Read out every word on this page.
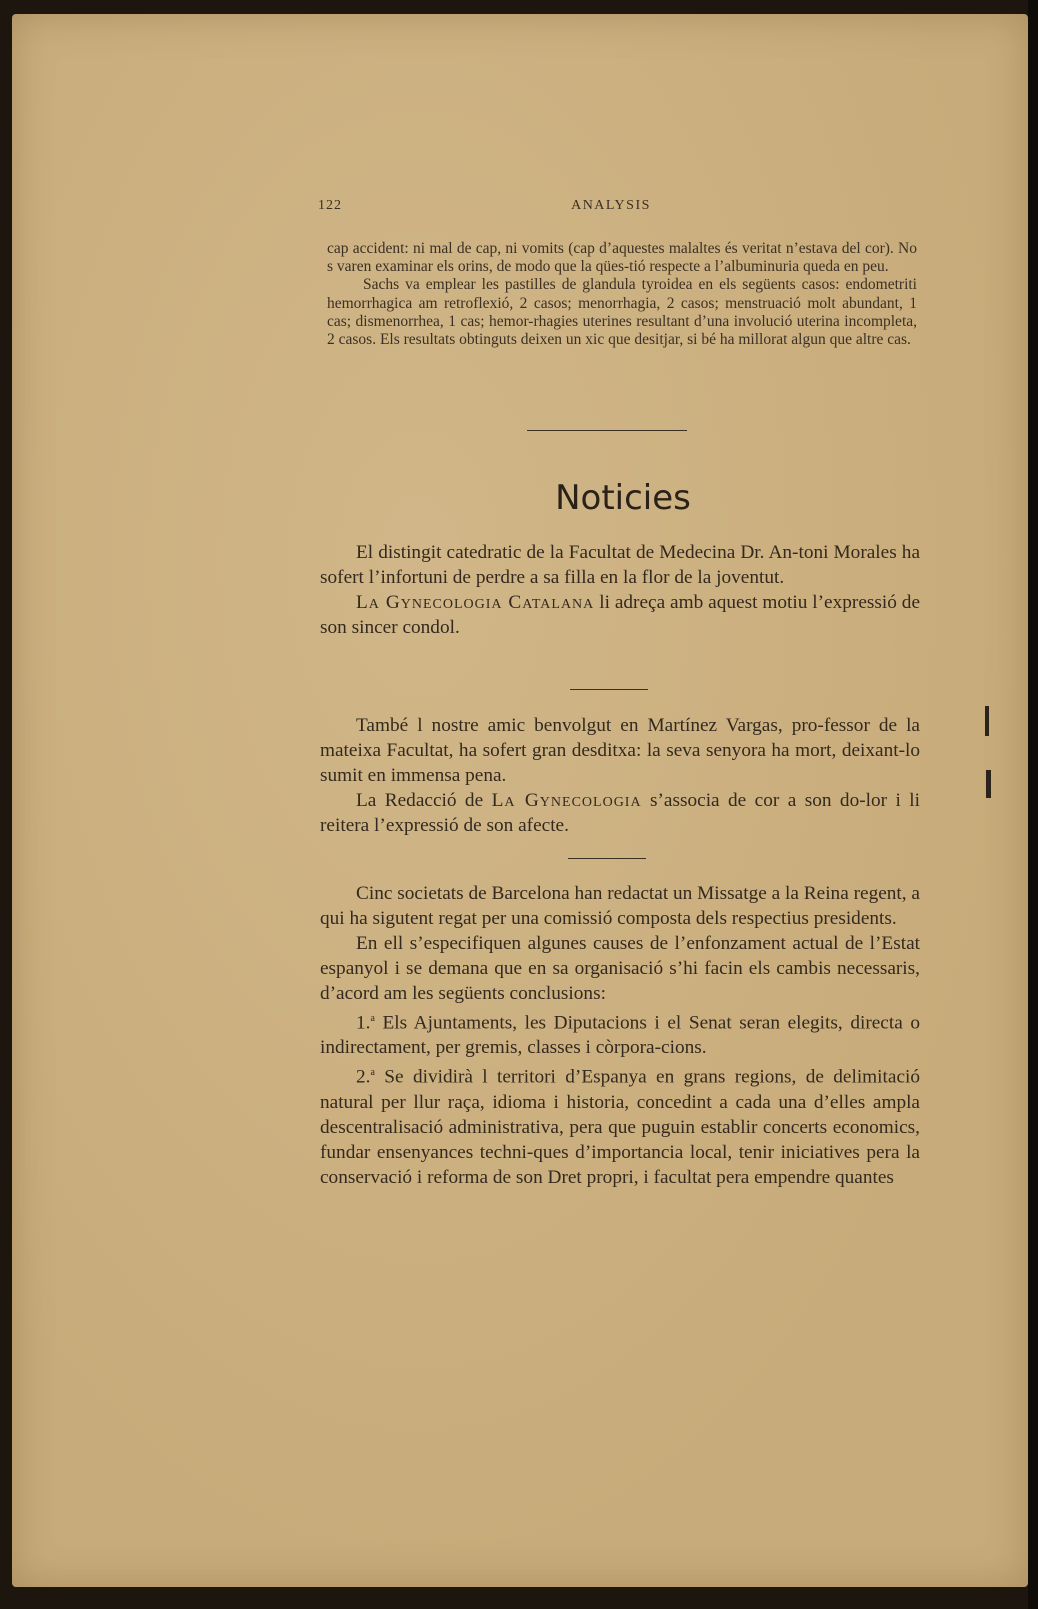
122	ANALYSIS

cap accident: ni mal de cap, ni vomits (cap d’aquestes malaltes és veritat n’estava del cor). No s varen examinar els orins, de modo que la qües-tió respecte a l’albuminuria queda en peu.

Sachs va emplear les pastilles de glandula tyroidea en els següents casos: endometriti hemorrhagica am retroflexió, 2 casos; menorrhagia, 2 casos; menstruació molt abundant, 1 cas; dismenorrhea, 1 cas; hemor-rhagies uterines resultant d’una involució uterina incompleta, 2 casos. Els resultats obtinguts deixen un xic que desitjar, si bé ha millorat algun que altre cas.

Noticies

El distingit catedratic de la Facultat de Medecina Dr. An-toni Morales ha sofert l’infortuni de perdre a sa filla en la flor de la joventut.

La Gynecologia Catalana li adreça amb aquest motiu l’expressió de son sincer condol.

També l nostre amic benvolgut en Martínez Vargas, pro-fessor de la mateixa Facultat, ha sofert gran desditxa: la seva senyora ha mort, deixant-lo sumit en immensa pena.

La Redacció de La Gynecologia s’associa de cor a son do-lor i li reitera l’expressió de son afecte.

Cinc societats de Barcelona han redactat un Missatge a la Reina regent, a qui ha sigutent regat per una comissió composta dels respectius presidents.

En ell s’especifiquen algunes causes de l’enfonzament actual de l’Estat espanyol i se demana que en sa organisació s’hi facin els cambis necessaris, d’acord am les següents conclusions:

1.$^a$ Els Ajuntaments, les Diputacions i el Senat seran elegits, directa o indirectament, per gremis, classes i còrpora-cions.

2.$^a$ Se dividirà l territori d’Espanya en grans regions, de delimitació natural per llur raça, idioma i historia, concedint a cada una d’elles ampla descentralisació administrativa, pera que puguin establir concerts economics, fundar ensenyances techni-ques d’importancia local, tenir iniciatives pera la conservació i reforma de son Dret propri, i facultat pera empendre quantes
